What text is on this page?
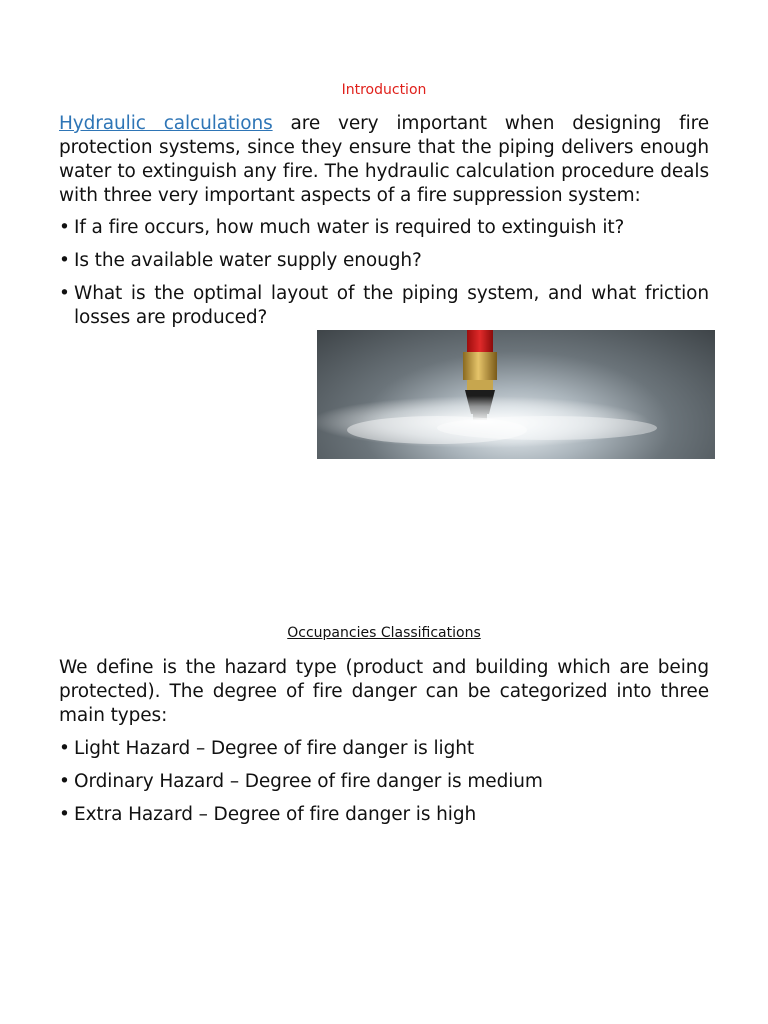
Introduction
Hydraulic calculations are very important when designing fire protection systems, since they ensure that the piping delivers enough water to extinguish any fire. The hydraulic calculation procedure deals with three very important aspects of a fire suppression system:
• If a fire occurs, how much water is required to extinguish it?
• Is the available water supply enough?
• What is the optimal layout of the piping system, and what friction losses are produced?
Occupancies Classifications
We define is the hazard type (product and building which are being protected). The degree of fire danger can be categorized into three main types:
• Light Hazard – Degree of fire danger is light
• Ordinary Hazard – Degree of fire danger is medium
• Extra Hazard – Degree of fire danger is high
